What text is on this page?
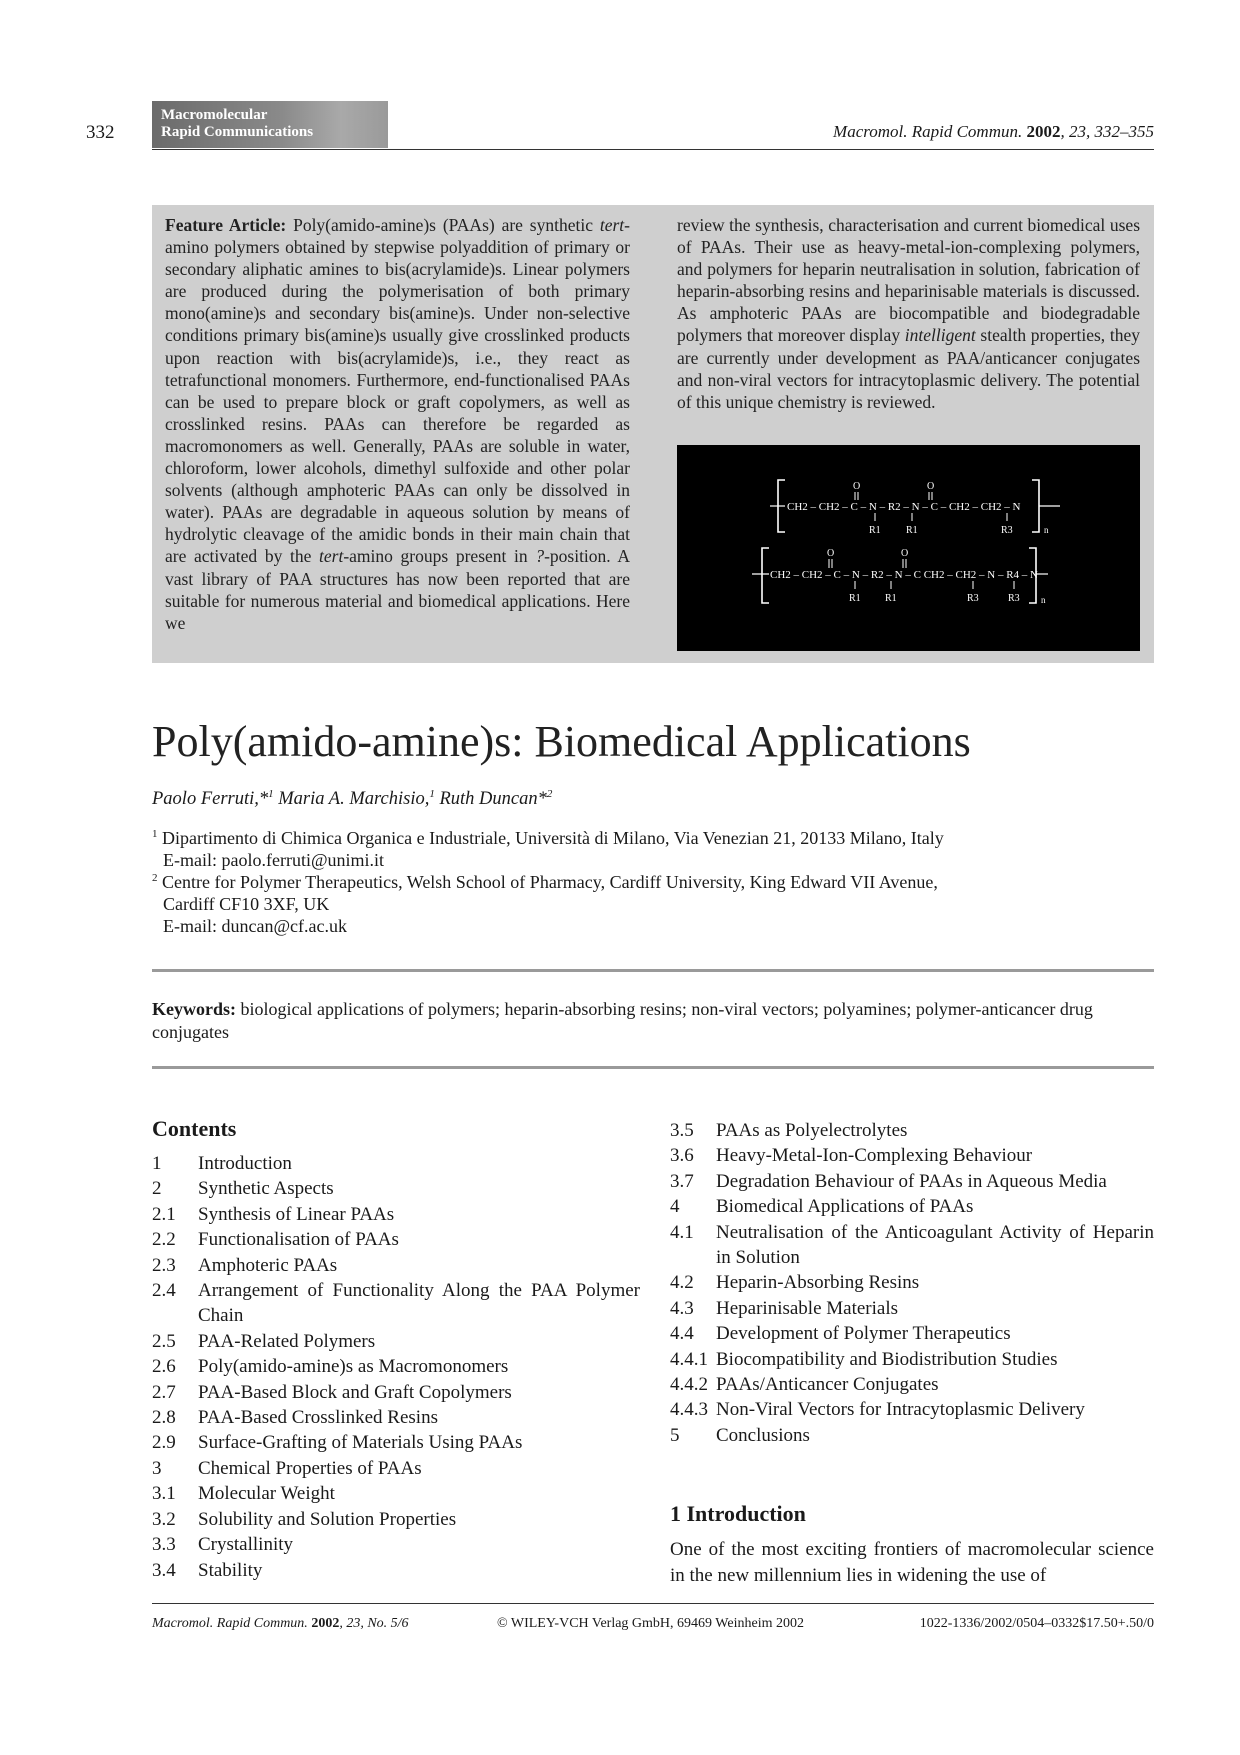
332
Macromolecular
Rapid Communications	Macromol. Rapid Commun. 2002, 23, 332–355
Feature Article: Poly(amido-amine)s (PAAs) are synthetic tert-amino polymers obtained by stepwise polyaddition of primary or secondary aliphatic amines to bis(acrylamide)s. Linear polymers are produced during the polymerisation of both primary mono(amine)s and secondary bis(amine)s. Under non-selective conditions primary bis(amine)s usually give crosslinked products upon reaction with bis(acrylamide)s, i.e., they react as tetrafunctional monomers. Furthermore, end-functionalised PAAs can be used to prepare block or graft copolymers, as well as crosslinked resins. PAAs can therefore be regarded as macromonomers as well. Generally, PAAs are soluble in water, chloroform, lower alcohols, dimethyl sulfoxide and other polar solvents (although amphoteric PAAs can only be dissolved in water). PAAs are degradable in aqueous solution by means of hydrolytic cleavage of the amidic bonds in their main chain that are activated by the tert-amino groups present in ?-position. A vast library of PAA structures has now been reported that are suitable for numerous material and biomedical applications. Here we
review the synthesis, characterisation and current biomedical uses of PAAs. Their use as heavy-metal-ion-complexing polymers, and polymers for heparin neutralisation in solution, fabrication of heparin-absorbing resins and heparinisable materials is discussed. As amphoteric PAAs are biocompatible and biodegradable polymers that moreover display intelligent stealth properties, they are currently under development as PAA/anticancer conjugates and non-viral vectors for intracytoplasmic delivery. The potential of this unique chemistry is reviewed.
CH2 – CH2 – C – N – R2 – N – C – CH2 – CH2 – N
O	O
R1	R1	R3	n
CH2 – CH2 – C – N – R2 – N – C CH2 – CH2 – N – R4 – N
O	O
R1 R1	R3	R3 n
Poly(amido-amine)s: Biomedical Applications
Paolo Ferruti,*$^1$ Maria A. Marchisio,$^1$ Ruth Duncan*$^2$
$^1$ Dipartimento di Chimica Organica e Industriale, Università di Milano, Via Venezian 21, 20133 Milano, Italy
E-mail: paolo.ferruti@unimi.it
$^2$ Centre for Polymer Therapeutics, Welsh School of Pharmacy, Cardiff University, King Edward VII Avenue,
Cardiff CF10 3XF, UK
E-mail: duncan@cf.ac.uk
Keywords: biological applications of polymers; heparin-absorbing resins; non-viral vectors; polyamines; polymer-anticancer drug conjugates
Contents
1	Introduction
2	Synthetic Aspects
2.1	Synthesis of Linear PAAs
2.2	Functionalisation of PAAs
2.3	Amphoteric PAAs
2.4	Arrangement of Functionality Along the PAA Polymer Chain
2.5	PAA-Related Polymers
2.6	Poly(amido-amine)s as Macromonomers
2.7	PAA-Based Block and Graft Copolymers
2.8	PAA-Based Crosslinked Resins
2.9	Surface-Grafting of Materials Using PAAs
3	Chemical Properties of PAAs
3.1	Molecular Weight
3.2	Solubility and Solution Properties
3.3	Crystallinity
3.4	Stability
3.5	PAAs as Polyelectrolytes
3.6	Heavy-Metal-Ion-Complexing Behaviour
3.7	Degradation Behaviour of PAAs in Aqueous Media
4	Biomedical Applications of PAAs
4.1	Neutralisation of the Anticoagulant Activity of Heparin in Solution
4.2	Heparin-Absorbing Resins
4.3	Heparinisable Materials
4.4	Development of Polymer Therapeutics
4.4.1 Biocompatibility and Biodistribution Studies
4.4.2 PAAs/Anticancer Conjugates
4.4.3 Non-Viral Vectors for Intracytoplasmic Delivery
5	Conclusions
1 Introduction
One of the most exciting frontiers of macromolecular science in the new millennium lies in widening the use of
Macromol. Rapid Commun. 2002, 23, No. 5/6	© WILEY-VCH Verlag GmbH, 69469 Weinheim 2002	1022-1336/2002/0504–0332$17.50+.50/0
